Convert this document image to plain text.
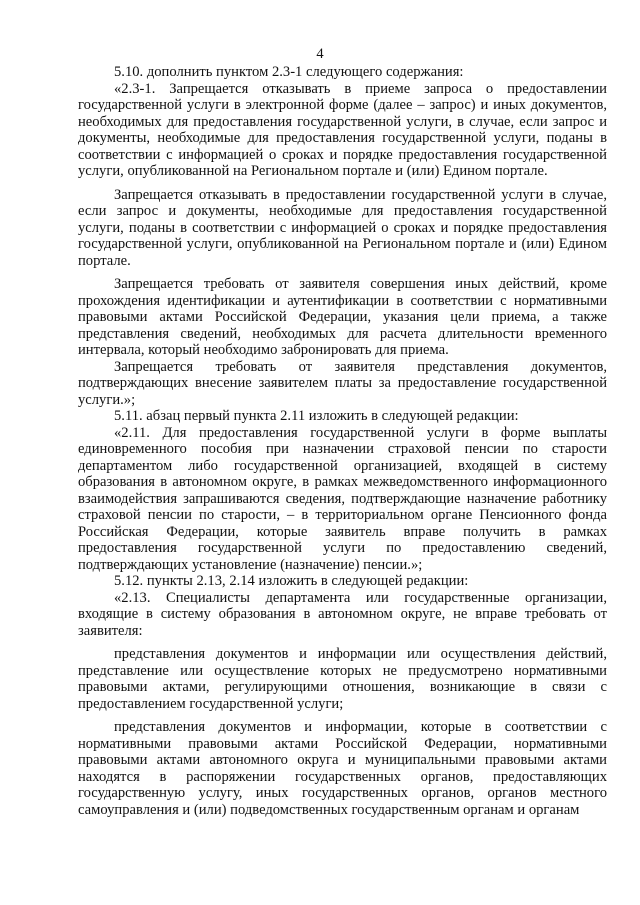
4

5.10. дополнить пунктом 2.3-1 следующего содержания:

«2.3-1. Запрещается отказывать в приеме запроса о предоставлении государственной услуги в электронной форме (далее – запрос) и иных документов, необходимых для предоставления государственной услуги, в случае, если запрос и документы, необходимые для предоставления государственной услуги, поданы в соответствии с информацией о сроках и порядке предоставления государственной услуги, опубликованной на Региональном портале и (или) Едином портале.

Запрещается отказывать в предоставлении государственной услуги в случае, если запрос и документы, необходимые для предоставления государственной услуги, поданы в соответствии с информацией о сроках и порядке предоставления государственной услуги, опубликованной на Региональном портале и (или) Едином портале.

Запрещается требовать от заявителя совершения иных действий, кроме прохождения идентификации и аутентификации в соответствии с нормативными правовыми актами Российской Федерации, указания цели приема, а также представления сведений, необходимых для расчета длительности временного интервала, который необходимо забронировать для приема.

Запрещается требовать от заявителя представления документов, подтверждающих внесение заявителем платы за предоставление государственной услуги.»;

5.11. абзац первый пункта 2.11 изложить в следующей редакции:

«2.11. Для предоставления государственной услуги в форме выплаты единовременного пособия при назначении страховой пенсии по старости департаментом либо государственной организацией, входящей в систему образования в автономном округе, в рамках межведомственного информационного взаимодействия запрашиваются сведения, подтверждающие назначение работнику страховой пенсии по старости, – в территориальном органе Пенсионного фонда Российская Федерации, которые заявитель вправе получить в рамках предоставления государственной услуги по предоставлению сведений, подтверждающих установление (назначение) пенсии.»;

5.12. пункты 2.13, 2.14 изложить в следующей редакции:

«2.13. Специалисты департамента или государственные организации, входящие в систему образования в автономном округе, не вправе требовать от заявителя:

представления документов и информации или осуществления действий, представление или осуществление которых не предусмотрено нормативными правовыми актами, регулирующими отношения, возникающие в связи с предоставлением государственной услуги;

представления документов и информации, которые в соответствии с нормативными правовыми актами Российской Федерации, нормативными правовыми актами автономного округа и муниципальными правовыми актами находятся в распоряжении государственных органов, предоставляющих государственную услугу, иных государственных органов, органов местного самоуправления и (или) подведомственных государственным органам и органам
